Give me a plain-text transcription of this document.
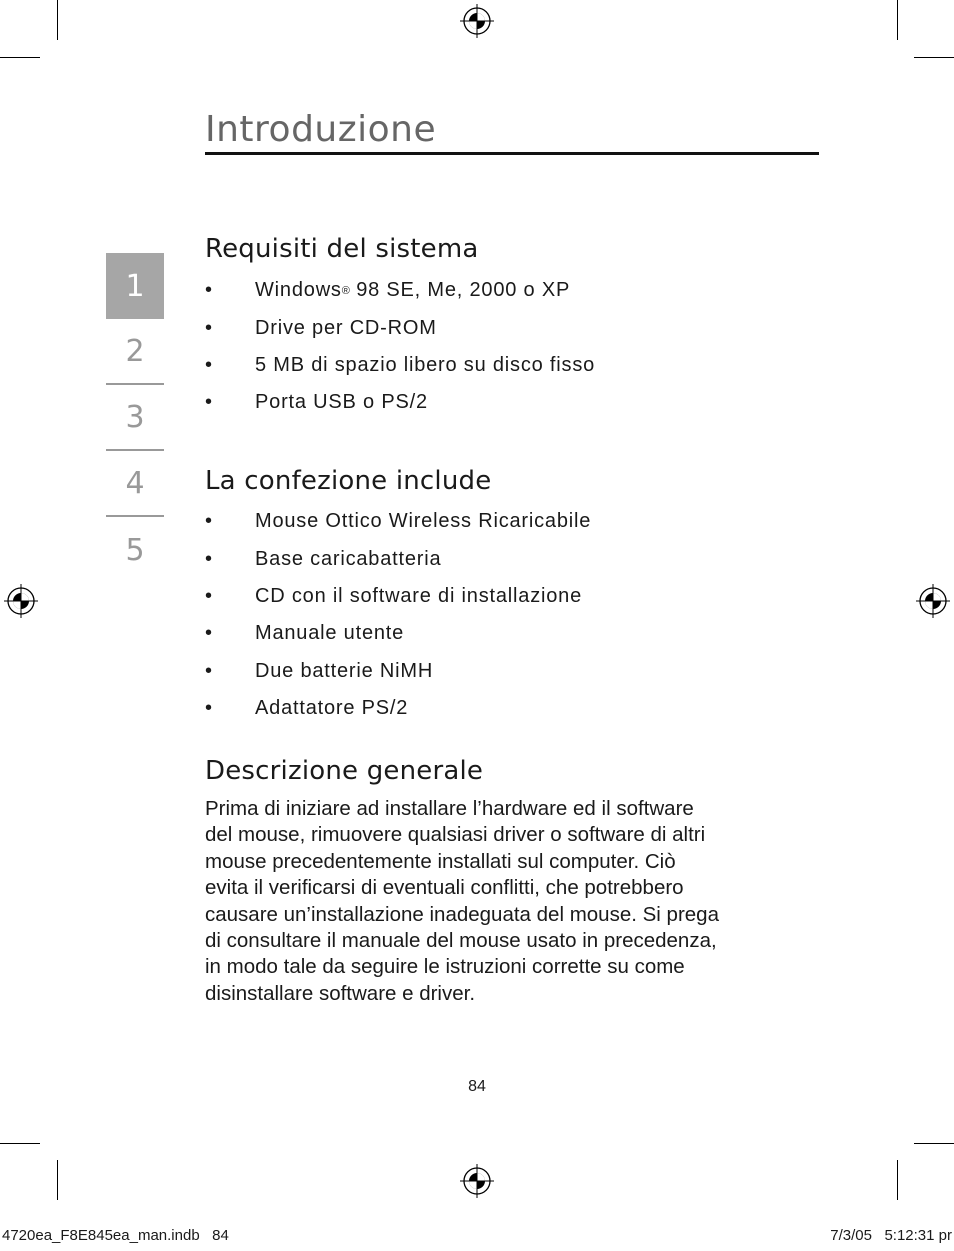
Introduzione
1
2
3
4
5
Requisiti del sistema
•	Windows ® 98 SE, Me, 2000 o XP
•	Drive per CD-ROM
•	5 MB di spazio libero su disco fisso
•	Porta USB o PS/2
La confezione include
•	Mouse Ottico Wireless Ricaricabile
•	Base caricabatteria
•	CD con il software di installazione
•	Manuale utente
•	Due batterie NiMH
•	Adattatore PS/2
Descrizione generale
Prima di iniziare ad installare l’hardware ed il software
del mouse, rimuovere qualsiasi driver o software di altri
mouse precedentemente installati sul computer. Ciò
evita il verificarsi di eventuali conflitti, che potrebbero
causare un’installazione inadeguata del mouse. Si prega
di consultare il manuale del mouse usato in precedenza,
in modo tale da seguire le istruzioni corrette su come
disinstallare software e driver.
84
4720ea_F8E845ea_man.indb   84	7/3/05   5:12:31 pr
